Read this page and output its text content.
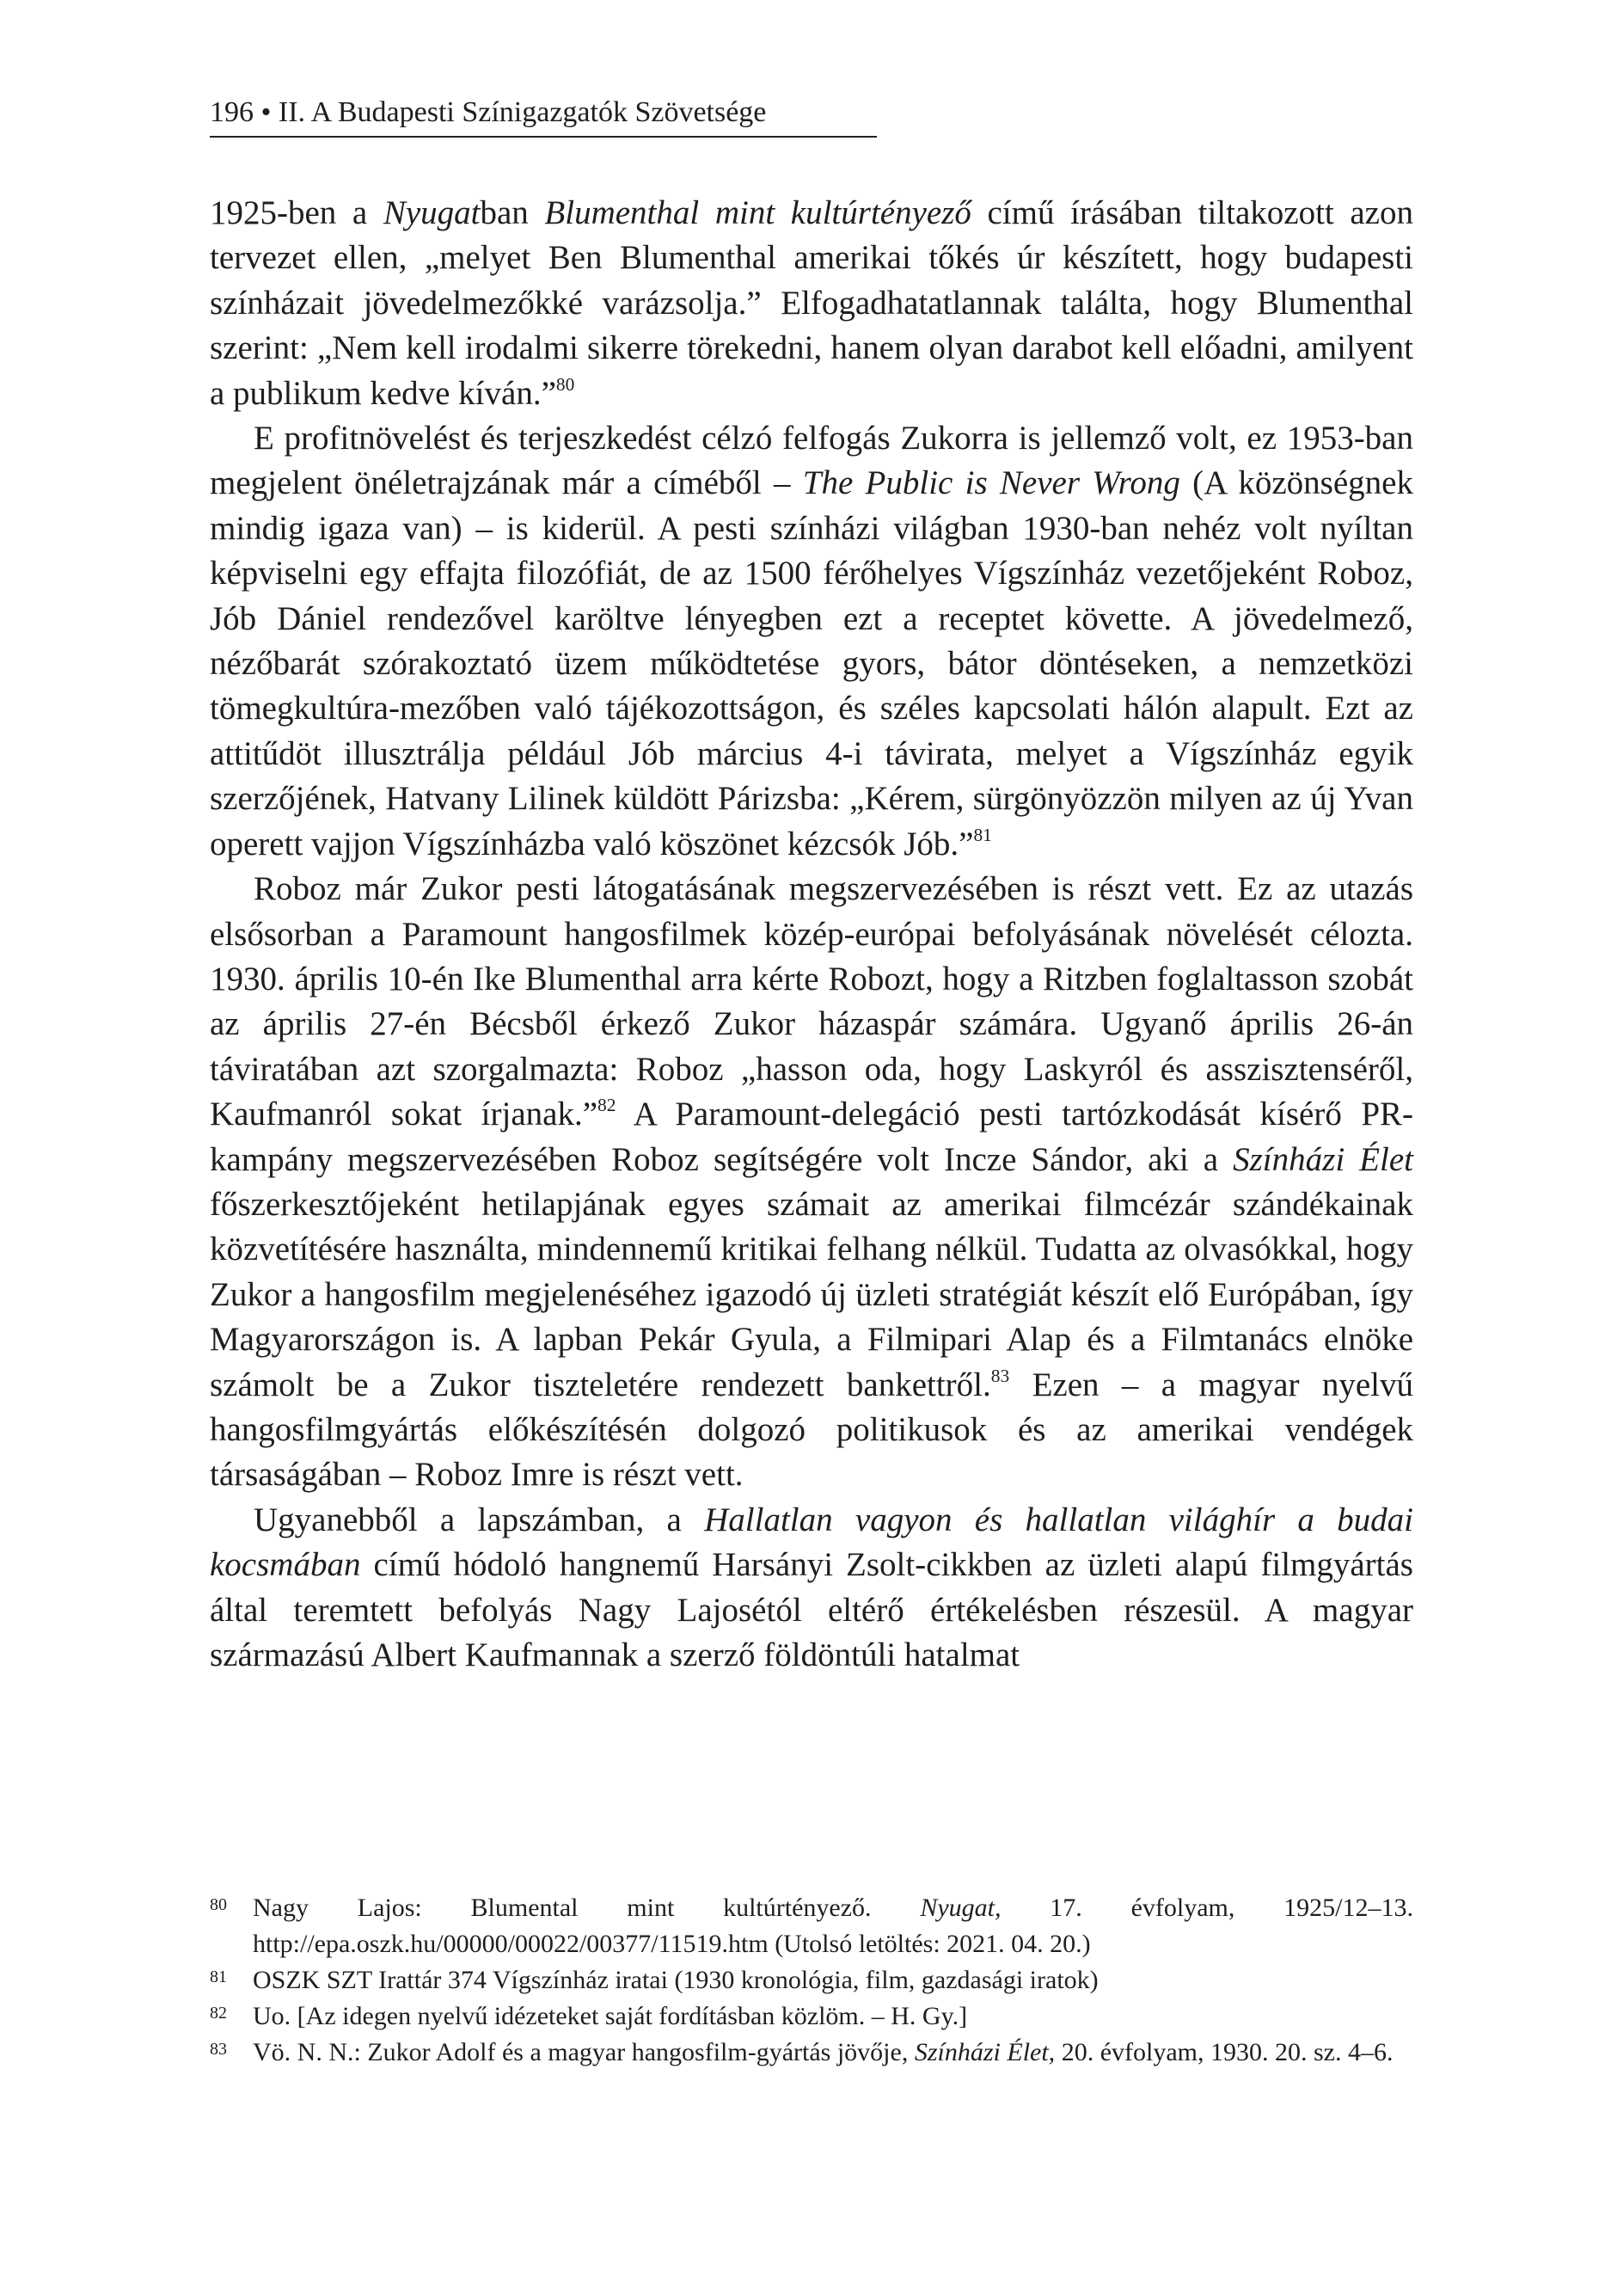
196 • II. A Budapesti Színigazgatók Szövetsége

1925-ben a Nyugatban Blumenthal mint kultúrtényező című írásában tiltakozott azon tervezet ellen, „melyet Ben Blumenthal amerikai tőkés úr készített, hogy budapesti színházait jövedelmezőkké varázsolja.” Elfogadhatatlannak találta, hogy Blumenthal szerint: „Nem kell irodalmi sikerre törekedni, hanem olyan darabot kell előadni, amilyent a publikum kedve kíván.”$^{80}$

E profitnövelést és terjeszkedést célzó felfogás Zukorra is jellemző volt, ez 1953-ban megjelent önéletrajzának már a címéből – The Public is Never Wrong (A közönségnek mindig igaza van) – is kiderül. A pesti színházi világban 1930-ban nehéz volt nyíltan képviselni egy effajta filozófiát, de az 1500 férőhelyes Vígszínház vezetőjeként Roboz, Jób Dániel rendezővel karöltve lényegben ezt a receptet követte. A jövedelmező, nézőbarát szórakoztató üzem működtetése gyors, bátor döntéseken, a nemzetközi tömegkultúra-mezőben való tájékozottságon, és széles kapcsolati hálón alapult. Ezt az attitűdöt illusztrálja például Jób március 4-i távirata, melyet a Vígszínház egyik szerzőjének, Hatvany Lilinek küldött Párizsba: „Kérem, sürgönyözzön milyen az új Yvan operett vajjon Vígszínházba való köszönet kézcsók Jób.”$^{81}$

Roboz már Zukor pesti látogatásának megszervezésében is részt vett. Ez az utazás elsősorban a Paramount hangosfilmek közép-európai befolyásának növelését célozta. 1930. április 10-én Ike Blumenthal arra kérte Robozt, hogy a Ritzben foglaltasson szobát az április 27-én Bécsből érkező Zukor házaspár számára. Ugyanő április 26-án táviratában azt szorgalmazta: Roboz „hasson oda, hogy Laskyról és asszisztenséről, Kaufmanról sokat írjanak.”$^{82}$ A Paramount-delegáció pesti tartózkodását kísérő PR-kampány megszervezésében Roboz segítségére volt Incze Sándor, aki a Színházi Élet főszerkesztőjeként hetilapjának egyes számait az amerikai filmcézár szándékainak közvetítésére használta, mindennemű kritikai felhang nélkül. Tudatta az olvasókkal, hogy Zukor a hangosfilm megjelenéséhez igazodó új üzleti stratégiát készít elő Európában, így Magyarországon is. A lapban Pekár Gyula, a Filmipari Alap és a Filmtanács elnöke számolt be a Zukor tiszteletére rendezett bankettről.$^{83}$ Ezen – a magyar nyelvű hangosfilmgyártás előkészítésén dolgozó politikusok és az amerikai vendégek társaságában – Roboz Imre is részt vett.

Ugyanebből a lapszámban, a Hallatlan vagyon és hallatlan világhír a budai kocsmában című hódoló hangnemű Harsányi Zsolt-cikkben az üzleti alapú filmgyártás által teremtett befolyás Nagy Lajosétól eltérő értékelésben részesül. A magyar származású Albert Kaufmannak a szerző földöntúli hatalmat

80 Nagy Lajos: Blumental mint kultúrtényező. Nyugat, 17. évfolyam, 1925/12–13. http://epa.oszk.hu/00000/00022/00377/11519.htm (Utolsó letöltés: 2021. 04. 20.)
81 OSZK SZT Irattár 374 Vígszínház iratai (1930 kronológia, film, gazdasági iratok)
82 Uo. [Az idegen nyelvű idézeteket saját fordításban közlöm. – H. Gy.]
83 Vö. N. N.: Zukor Adolf és a magyar hangosfilm-gyártás jövője, Színházi Élet, 20. évfolyam, 1930. 20. sz. 4–6.
